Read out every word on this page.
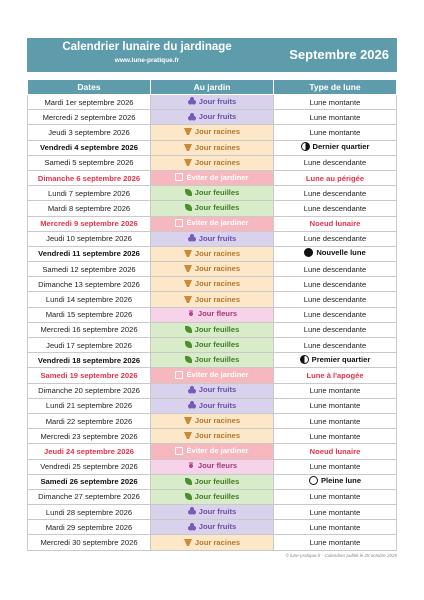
Calendrier lunaire du jardinage
www.lune-pratique.fr	Septembre 2026
Dates	Au jardin	Type de lune
Mardi 1er septembre 2026	Jour fruits	Lune montante

Mercredi 2 septembre 2026	Jour fruits	Lune montante

Jeudi 3 septembre 2026	Jour racines	Lune montante

Vendredi 4 septembre 2026	Jour racines	Dernier quartier

Samedi 5 septembre 2026	Jour racines	Lune descendante

Dimanche 6 septembre 2026	Éviter de jardiner	Lune au périgée

Lundi 7 septembre 2026	Jour feuilles	Lune descendante

Mardi 8 septembre 2026	Jour feuilles	Lune descendante

Mercredi 9 septembre 2026	Éviter de jardiner	Noeud lunaire

Jeudi 10 septembre 2026	Jour fruits	Lune descendante

Vendredi 11 septembre 2026	Jour racines	Nouvelle lune

Samedi 12 septembre 2026	Jour racines	Lune descendante

Dimanche 13 septembre 2026	Jour racines	Lune descendante

Lundi 14 septembre 2026	Jour racines	Lune descendante

Mardi 15 septembre 2026	Jour fleurs	Lune descendante

Mercredi 16 septembre 2026	Jour feuilles	Lune descendante

Jeudi 17 septembre 2026	Jour feuilles	Lune descendante

Vendredi 18 septembre 2026	Jour feuilles	Premier quartier

Samedi 19 septembre 2026	Éviter de jardiner	Lune à l'apogée

Dimanche 20 septembre 2026	Jour fruits	Lune montante

Lundi 21 septembre 2026	Jour fruits	Lune montante

Mardi 22 septembre 2026	Jour racines	Lune montante

Mercredi 23 septembre 2026	Jour racines	Lune montante

Jeudi 24 septembre 2026	Éviter de jardiner	Noeud lunaire

Vendredi 25 septembre 2026	Jour fleurs	Lune montante

Samedi 26 septembre 2026	Jour feuilles	Pleine lune

Dimanche 27 septembre 2026	Jour feuilles	Lune montante

Lundi 28 septembre 2026	Jour fruits	Lune montante

Mardi 29 septembre 2026	Jour fruits	Lune montante

Mercredi 30 septembre 2026	Jour racines	Lune montante
© lune-pratique.fr - Calendrier publié le 28 octobre 2025
